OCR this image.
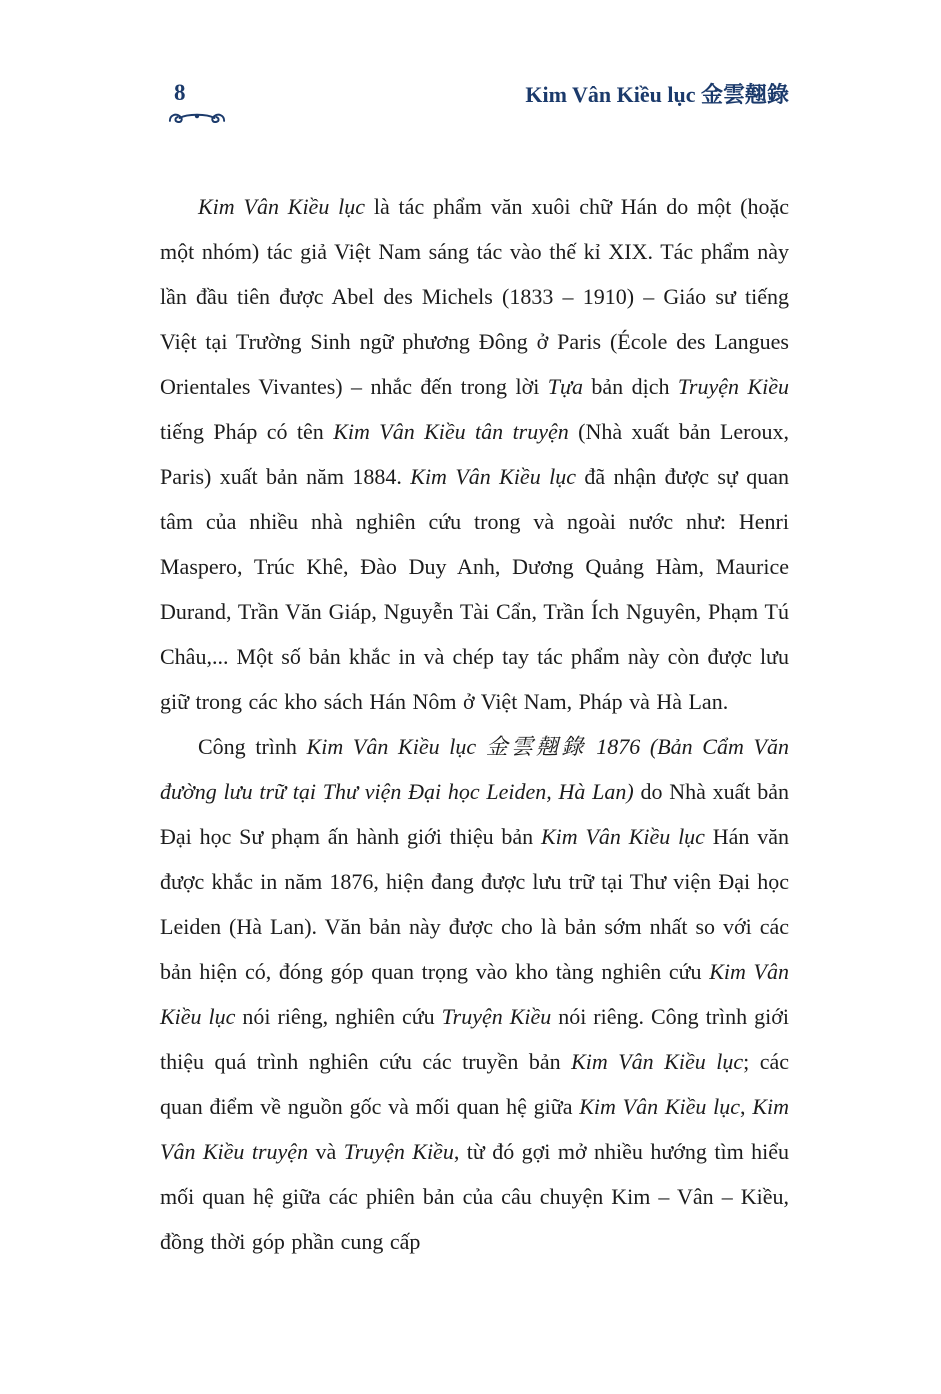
8	Kim Vân Kiều lục 金雲翹錄

Kim Vân Kiều lục là tác phẩm văn xuôi chữ Hán do một (hoặc một nhóm) tác giả Việt Nam sáng tác vào thế kỉ XIX. Tác phẩm này lần đầu tiên được Abel des Michels (1833 – 1910) – Giáo sư tiếng Việt tại Trường Sinh ngữ phương Đông ở Paris (École des Langues Orientales Vivantes) – nhắc đến trong lời Tựa bản dịch Truyện Kiều tiếng Pháp có tên Kim Vân Kiều tân truyện (Nhà xuất bản Leroux, Paris) xuất bản năm 1884. Kim Vân Kiều lục đã nhận được sự quan tâm của nhiều nhà nghiên cứu trong và ngoài nước như: Henri Maspero, Trúc Khê, Đào Duy Anh, Dương Quảng Hàm, Maurice Durand, Trần Văn Giáp, Nguyễn Tài Cẩn, Trần Ích Nguyên, Phạm Tú Châu,... Một số bản khắc in và chép tay tác phẩm này còn được lưu giữ trong các kho sách Hán Nôm ở Việt Nam, Pháp và Hà Lan.

Công trình Kim Vân Kiều lục 金雲翹錄 1876 (Bản Cẩm Văn đường lưu trữ tại Thư viện Đại học Leiden, Hà Lan) do Nhà xuất bản Đại học Sư phạm ấn hành giới thiệu bản Kim Vân Kiều lục Hán văn được khắc in năm 1876, hiện đang được lưu trữ tại Thư viện Đại học Leiden (Hà Lan). Văn bản này được cho là bản sớm nhất so với các bản hiện có, đóng góp quan trọng vào kho tàng nghiên cứu Kim Vân Kiều lục nói riêng, nghiên cứu Truyện Kiều nói riêng. Công trình giới thiệu quá trình nghiên cứu các truyền bản Kim Vân Kiều lục; các quan điểm về nguồn gốc và mối quan hệ giữa Kim Vân Kiều lục, Kim Vân Kiều truyện và Truyện Kiều, từ đó gợi mở nhiều hướng tìm hiểu mối quan hệ giữa các phiên bản của câu chuyện Kim – Vân – Kiều, đồng thời góp phần cung cấp
